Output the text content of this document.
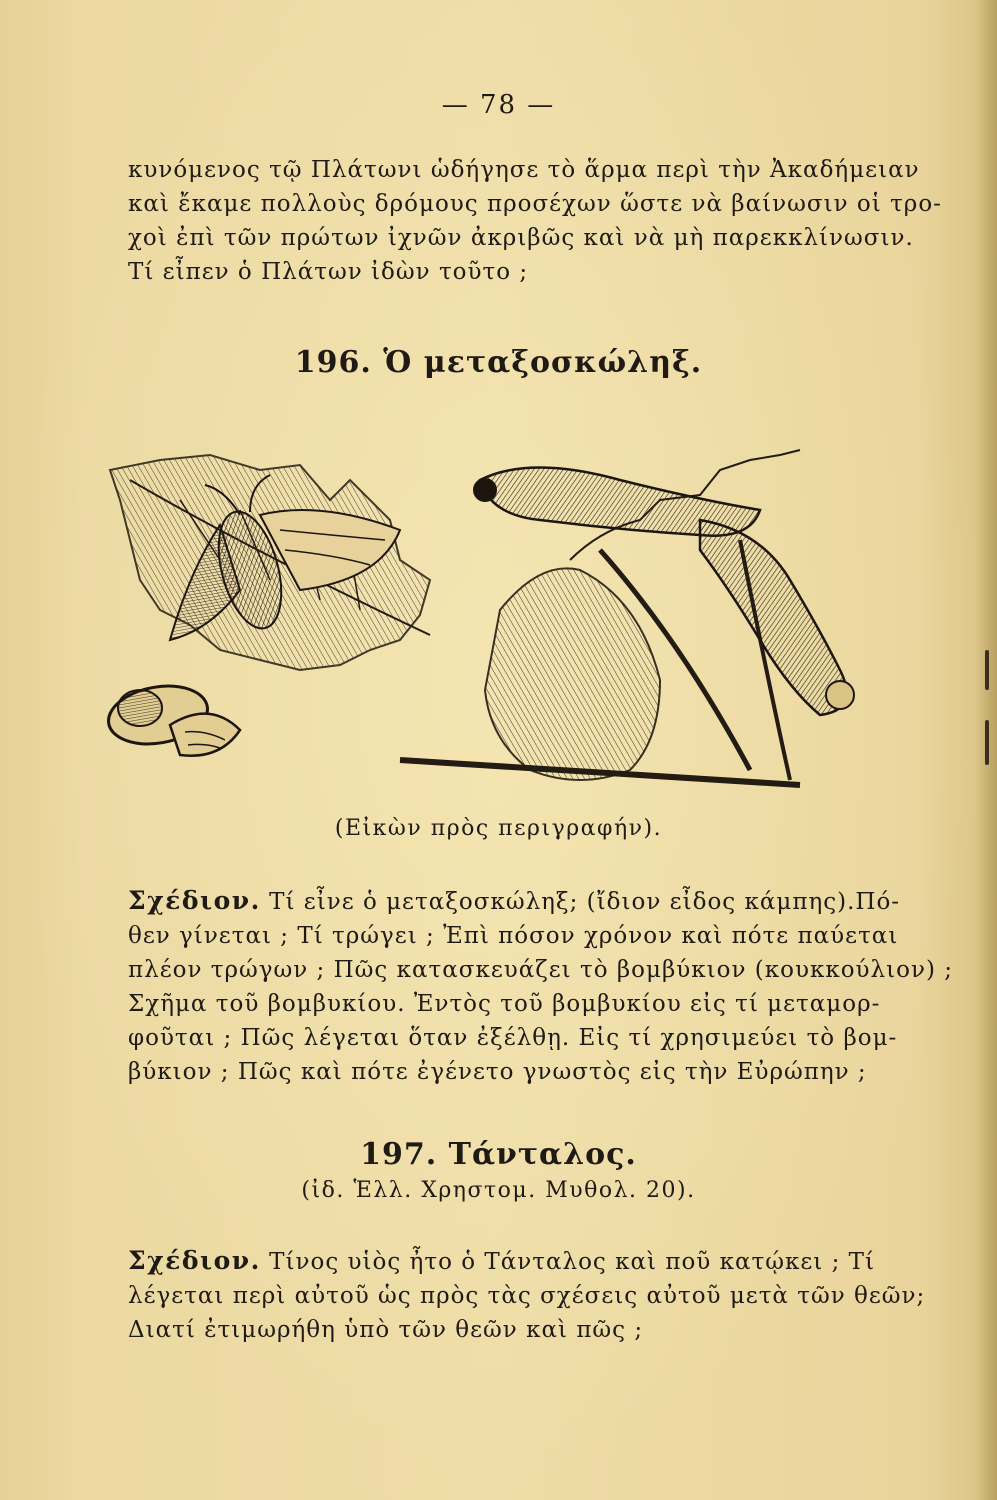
— 78 —
κυνόμενος τῷ Πλάτωνι ὡδήγησε τὸ ἅρμα περὶ τὴν Ἀκαδήμειαν
καὶ ἔκαμε πολλοὺς δρόμους προσέχων ὥστε νὰ βαίνωσιν οἱ τρο-
χοὶ ἐπὶ τῶν πρώτων ἰχνῶν ἀκριβῶς καὶ νὰ μὴ παρεκκλίνωσιν.
Τί εἶπεν ὁ Πλάτων ἰδὼν τοῦτο ;
196. Ὁ μεταξοσκώληξ.
(Εἰκὼν πρὸς περιγραφήν).
Σχέδιον. Τί εἶνε ὁ μεταξοσκώληξ; (ἴδιον εἶδος κάμπης).Πό-
θεν γίνεται ; Τί τρώγει ; Ἐπὶ πόσον χρόνον καὶ πότε παύεται
πλέον τρώγων ; Πῶς κατασκευάζει τὸ βομβύκιον (κουκκούλιον) ;
Σχῆμα τοῦ βομβυκίου. Ἐντὸς τοῦ βομβυκίου εἰς τί μεταμορ-
φοῦται ; Πῶς λέγεται ὅταν ἐξέλθῃ. Εἰς τί χρησιμεύει τὸ βομ-
βύκιον ; Πῶς καὶ πότε ἐγένετο γνωστὸς εἰς τὴν Εὐρώπην ;
197. Τάνταλος.
(ἰδ. Ἑλλ. Χρηστομ. Μυθολ. 20).
Σχέδιον. Τίνος υἱὸς ἦτο ὁ Τάνταλος καὶ ποῦ κατῴκει ; Τί
λέγεται περὶ αὐτοῦ ὡς πρὸς τὰς σχέσεις αὐτοῦ μετὰ τῶν θεῶν;
Διατί ἐτιμωρήθη ὑπὸ τῶν θεῶν καὶ πῶς ;
